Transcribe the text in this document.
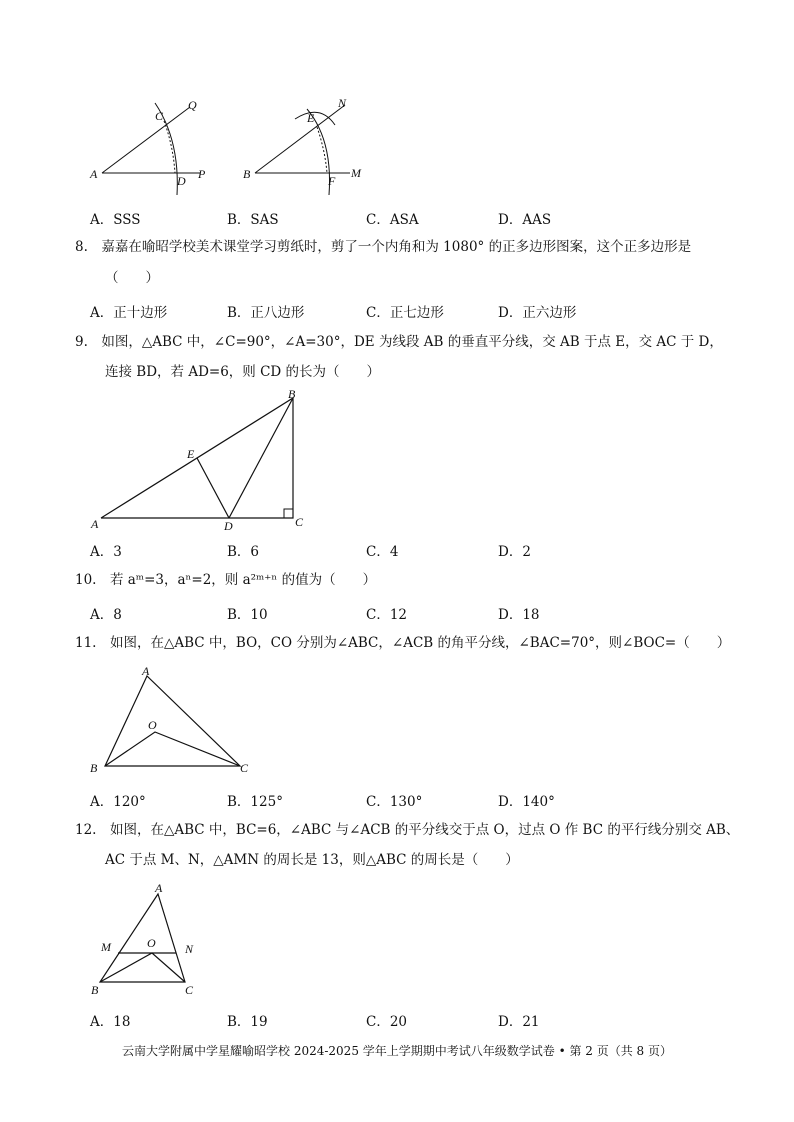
A
C
Q
D P	B
E
N
F
M
A．SSS	B．SAS	C．ASA	D．AAS
8.　嘉嘉在喻昭学校美术课堂学习剪纸时，剪了一个内角和为 1080° 的正多边形图案，这个正多边形是
（　　）
A．正十边形	B．正八边形	C．正七边形	D．正六边形
9.　如图，△ABC 中，∠C=90°，∠A=30°，DE 为线段 AB 的垂直平分线，交 AB 于点 E，交 AC 于 D，
连接 BD，若 AD=6，则 CD 的长为（　　）
A
B
C
D
E
A．3	B．6	C．4	D．2
10.　若 aᵐ=3，aⁿ=2，则 a²ᵐ⁺ⁿ 的值为（　　）
A．8	B．10	C．12	D．18
11.　如图，在△ABC 中，BO，CO 分别为∠ABC，∠ACB 的角平分线，∠BAC=70°，则∠BOC=（　　）
A
B	C
O
A．120°	B．125°	C．130°	D．140°
12.　如图，在△ABC 中，BC=6，∠ABC 与∠ACB 的平分线交于点 O，过点 O 作 BC 的平行线分别交 AB、
AC 于点 M、N，△AMN 的周长是 13，则△ABC 的周长是（　　）
A
B	C
M	N
O
A．18	B．19	C．20	D．21
云南大学附属中学星耀喻昭学校 2024-2025 学年上学期期中考试八年级数学试卷 • 第 2 页（共 8 页）
